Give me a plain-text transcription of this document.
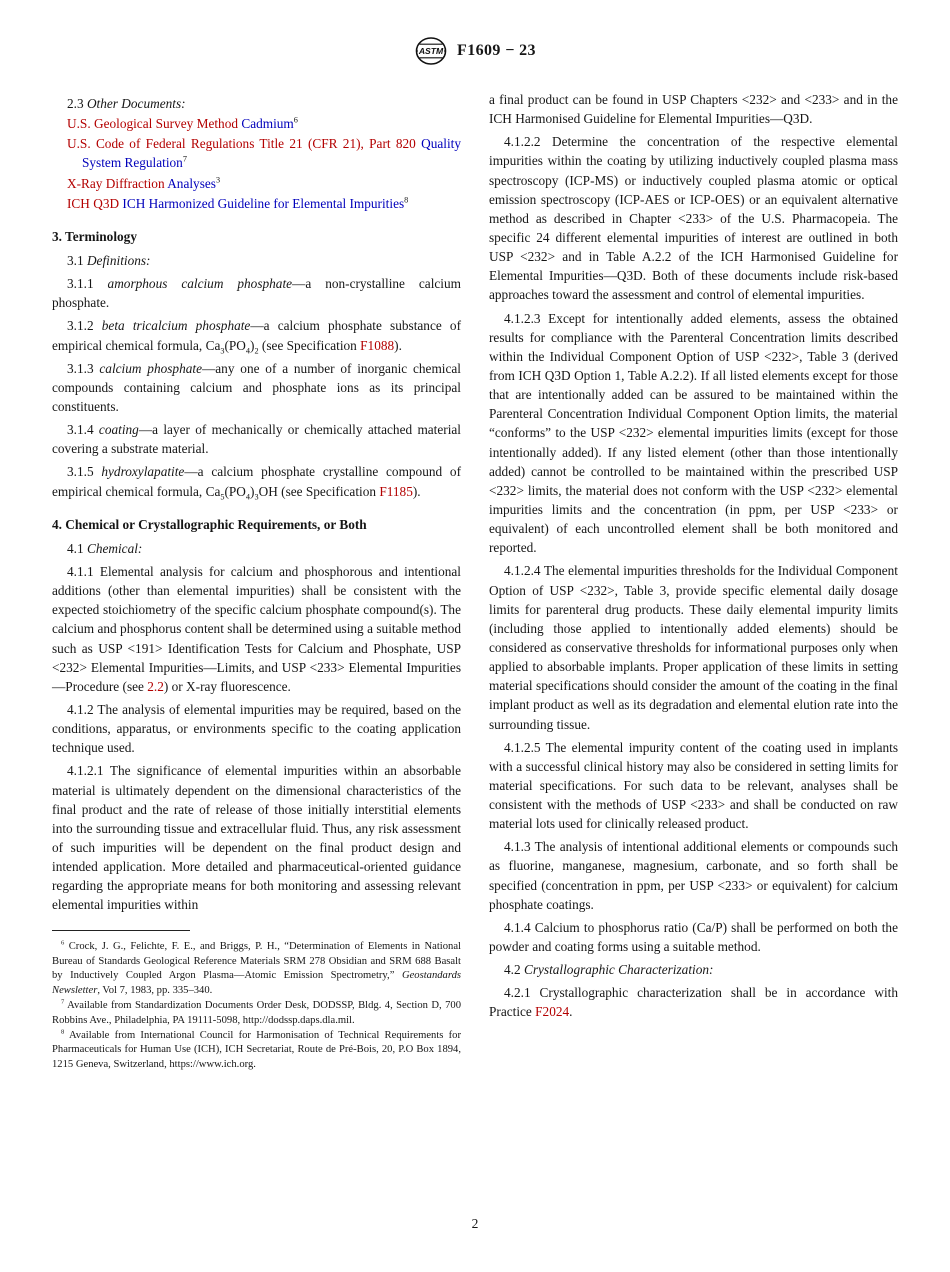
ASTM F1609 − 23
2.3 Other Documents:
U.S. Geological Survey Method Cadmium$^6$
U.S. Code of Federal Regulations Title 21 (CFR 21), Part 820 Quality System Regulation$^7$
X-Ray Diffraction Analyses$^3$
ICH Q3D ICH Harmonized Guideline for Elemental Impurities$^8$
3. Terminology
3.1 Definitions:
3.1.1 amorphous calcium phosphate—a non-crystalline calcium phosphate.
3.1.2 beta tricalcium phosphate—a calcium phosphate substance of empirical chemical formula, $Ca_3(PO_4)_2$ (see Specification F1088).
3.1.3 calcium phosphate—any one of a number of inorganic chemical compounds containing calcium and phosphate ions as its principal constituents.
3.1.4 coating—a layer of mechanically or chemically attached material covering a substrate material.
3.1.5 hydroxylapatite—a calcium phosphate crystalline compound of empirical chemical formula, $Ca_5(PO_4)_3OH$ (see Specification F1185).
4. Chemical or Crystallographic Requirements, or Both
4.1 Chemical:
4.1.1 Elemental analysis for calcium and phosphorous and intentional additions (other than elemental impurities) shall be consistent with the expected stoichiometry of the specific calcium phosphate compound(s). The calcium and phosphorus content shall be determined using a suitable method such as USP <191> Identification Tests for Calcium and Phosphate, USP <232> Elemental Impurities—Limits, and USP <233> Elemental Impurities—Procedure (see 2.2) or X-ray fluorescence.
4.1.2 The analysis of elemental impurities may be required, based on the conditions, apparatus, or environments specific to the coating application technique used.
4.1.2.1 The significance of elemental impurities within an absorbable material is ultimately dependent on the dimensional characteristics of the final product and the rate of release of those initially interstitial elements into the surrounding tissue and extracellular fluid. Thus, any risk assessment of such impurities will be dependent on the final product design and intended application. More detailed and pharmaceutical-oriented guidance regarding the appropriate means for both monitoring and assessing relevant elemental impurities within
$^6$ Crock, J. G., Felichte, F. E., and Briggs, P. H., “Determination of Elements in National Bureau of Standards Geological Reference Materials SRM 278 Obsidian and SRM 688 Basalt by Inductively Coupled Argon Plasma—Atomic Emission Spectrometry,” Geostandards Newsletter, Vol 7, 1983, pp. 335–340.
$^7$ Available from Standardization Documents Order Desk, DODSSP, Bldg. 4, Section D, 700 Robbins Ave., Philadelphia, PA 19111-5098, http://dodssp.daps.dla.mil.
$^8$ Available from International Council for Harmonisation of Technical Requirements for Pharmaceuticals for Human Use (ICH), ICH Secretariat, Route de Pré-Bois, 20, P.O Box 1894, 1215 Geneva, Switzerland, https://www.ich.org.
a final product can be found in USP Chapters <232> and <233> and in the ICH Harmonised Guideline for Elemental Impurities—Q3D.
4.1.2.2 Determine the concentration of the respective elemental impurities within the coating by utilizing inductively coupled plasma mass spectroscopy (ICP-MS) or inductively coupled plasma atomic or optical emission spectroscopy (ICP-AES or ICP-OES) or an equivalent alternative method as described in Chapter <233> of the U.S. Pharmacopeia. The specific 24 different elemental impurities of interest are outlined in both USP <232> and in Table A.2.2 of the ICH Harmonised Guideline for Elemental Impurities—Q3D. Both of these documents include risk-based approaches toward the assessment and control of elemental impurities.
4.1.2.3 Except for intentionally added elements, assess the obtained results for compliance with the Parenteral Concentration limits described within the Individual Component Option of USP <232>, Table 3 (derived from ICH Q3D Option 1, Table A.2.2). If all listed elements except for those that are intentionally added can be assured to be maintained within the Parenteral Concentration Individual Component Option limits, the material “conforms” to the USP <232> elemental impurities limits (except for those intentionally added). If any listed element (other than those intentionally added) cannot be controlled to be maintained within the prescribed USP <232> limits, the material does not conform with the USP <232> elemental impurities limits and the concentration (in ppm, per USP <233> or equivalent) of each uncontrolled element shall be both monitored and reported.
4.1.2.4 The elemental impurities thresholds for the Individual Component Option of USP <232>, Table 3, provide specific elemental daily dosage limits for parenteral drug products. These daily elemental impurity limits (including those applied to intentionally added elements) should be considered as conservative thresholds for informational purposes only when applied to absorbable implants. Proper application of these limits in setting material specifications should consider the amount of the coating in the final implant product as well as its degradation and elemental elution rate into the surrounding tissue.
4.1.2.5 The elemental impurity content of the coating used in implants with a successful clinical history may also be considered in setting limits for material specifications. For such data to be relevant, analyses shall be consistent with the methods of USP <233> and shall be conducted on raw material lots used for clinically released product.
4.1.3 The analysis of intentional additional elements or compounds such as fluorine, manganese, magnesium, carbonate, and so forth shall be specified (concentration in ppm, per USP <233> or equivalent) for calcium phosphate coatings.
4.1.4 Calcium to phosphorus ratio (Ca/P) shall be performed on both the powder and coating forms using a suitable method.
4.2 Crystallographic Characterization:
4.2.1 Crystallographic characterization shall be in accordance with Practice F2024.
2
